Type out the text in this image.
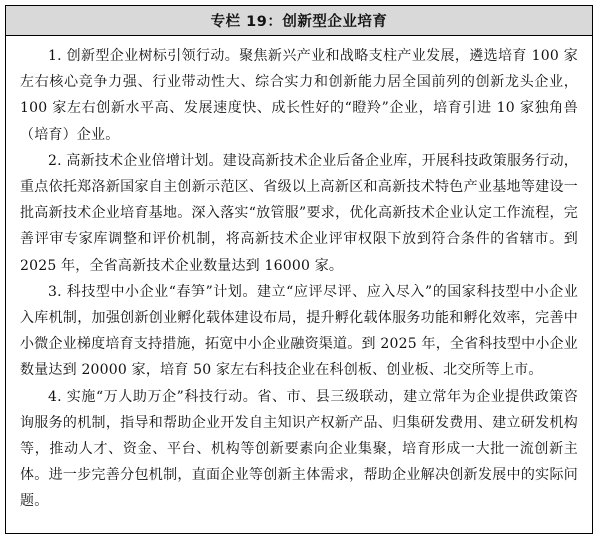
专栏 19：创新型企业培育

1. 创新型企业树标引领行动。聚焦新兴产业和战略支柱产业发展，遴选培育 100 家左右核心竞争力强、行业带动性大、综合实力和创新能力居全国前列的创新龙头企业，100 家左右创新水平高、发展速度快、成长性好的“瞪羚”企业，培育引进 10 家独角兽（培育）企业。

2. 高新技术企业倍增计划。建设高新技术企业后备企业库，开展科技政策服务行动，重点依托郑洛新国家自主创新示范区、省级以上高新区和高新技术特色产业基地等建设一批高新技术企业培育基地。深入落实“放管服”要求，优化高新技术企业认定工作流程，完善评审专家库调整和评价机制，将高新技术企业评审权限下放到符合条件的省辖市。到 2025 年，全省高新技术企业数量达到 16000 家。

3. 科技型中小企业“春笋”计划。建立“应评尽评、应入尽入”的国家科技型中小企业入库机制，加强创新创业孵化载体建设布局，提升孵化载体服务功能和孵化效率，完善中小微企业梯度培育支持措施，拓宽中小企业融资渠道。到 2025 年，全省科技型中小企业数量达到 20000 家，培育 50 家左右科技企业在科创板、创业板、北交所等上市。

4. 实施“万人助万企”科技行动。省、市、县三级联动，建立常年为企业提供政策咨询服务的机制，指导和帮助企业开发自主知识产权新产品、归集研发费用、建立研发机构等，推动人才、资金、平台、机构等创新要素向企业集聚，培育形成一大批一流创新主体。进一步完善分包机制，直面企业等创新主体需求，帮助企业解决创新发展中的实际问题。
